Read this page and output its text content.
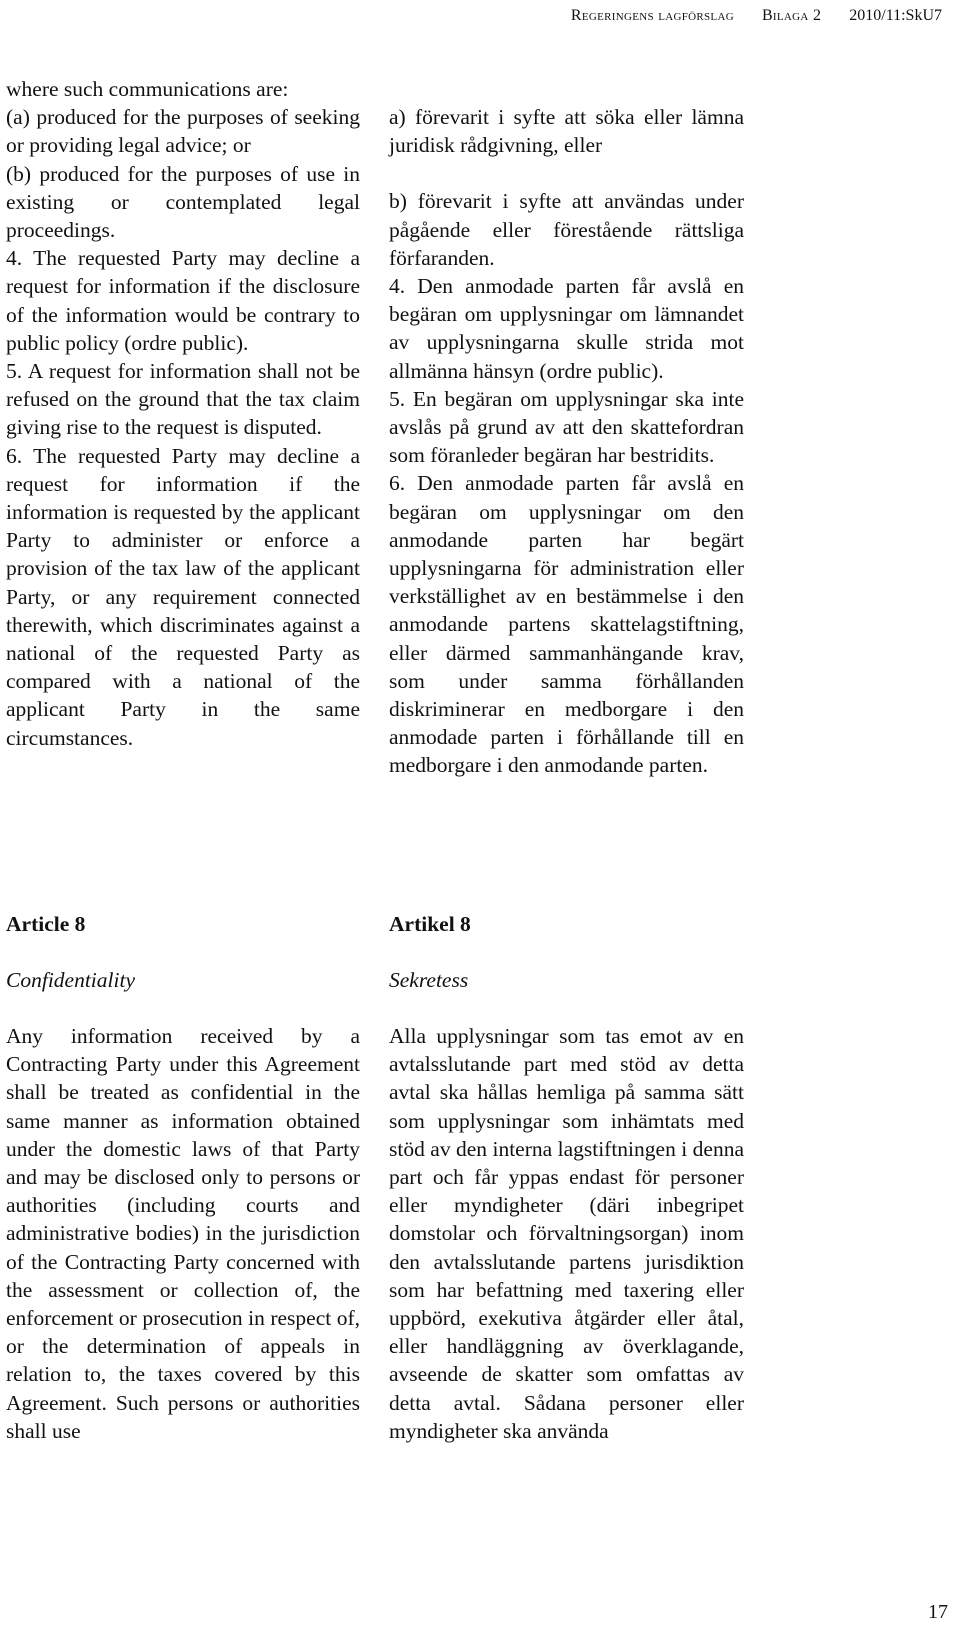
Regeringens lagförslag Bilaga 2 2010/11:SkU7

where such communications are:

(a) produced for the purposes of seeking or providing legal advice; or

(b) produced for the purposes of use in existing or contemplated legal proceedings.

4. The requested Party may decline a request for information if the disclosure of the information would be contrary to public policy (ordre public).

5. A request for information shall not be refused on the ground that the tax claim giving rise to the request is disputed.

6. The requested Party may decline a request for information if the information is requested by the applicant Party to administer or enforce a provision of the tax law of the applicant Party, or any requirement connected therewith, which discriminates against a national of the requested Party as compared with a national of the applicant Party in the same circumstances.

a) förevarit i syfte att söka eller lämna juridisk rådgivning, eller

b) förevarit i syfte att användas under pågående eller förestående rättsliga förfaranden.

4. Den anmodade parten får avslå en begäran om upplysningar om lämnandet av upplysningarna skulle strida mot allmänna hänsyn (ordre public).

5. En begäran om upplysningar ska inte avslås på grund av att den skattefordran som föranleder begäran har bestridits.

6. Den anmodade parten får avslå en begäran om upplysningar om den anmodande parten har begärt upplysningarna för administration eller verkställighet av en bestämmelse i den anmodande partens skattelagstiftning, eller därmed sammanhängande krav, som under samma förhållanden diskriminerar en medborgare i den anmodade parten i förhållande till en medborgare i den anmodande parten.

Article 8	Artikel 8
Confidentiality	Sekretess

Any information received by a Contracting Party under this Agreement shall be treated as confidential in the same manner as information obtained under the domestic laws of that Party and may be disclosed only to persons or authorities (including courts and administrative bodies) in the jurisdiction of the Contracting Party concerned with the assessment or collection of, the enforcement or prosecution in respect of, or the determination of appeals in relation to, the taxes covered by this Agreement. Such persons or authorities shall use

Alla upplysningar som tas emot av en avtalsslutande part med stöd av detta avtal ska hållas hemliga på samma sätt som upplysningar som inhämtats med stöd av den interna lagstiftningen i denna part och får yppas endast för personer eller myndigheter (däri inbegripet domstolar och förvaltningsorgan) inom den avtalsslutande partens jurisdiktion som har befattning med taxering eller uppbörd, exekutiva åtgärder eller åtal, eller handläggning av överklagande, avseende de skatter som omfattas av detta avtal. Sådana personer eller myndigheter ska använda

17
